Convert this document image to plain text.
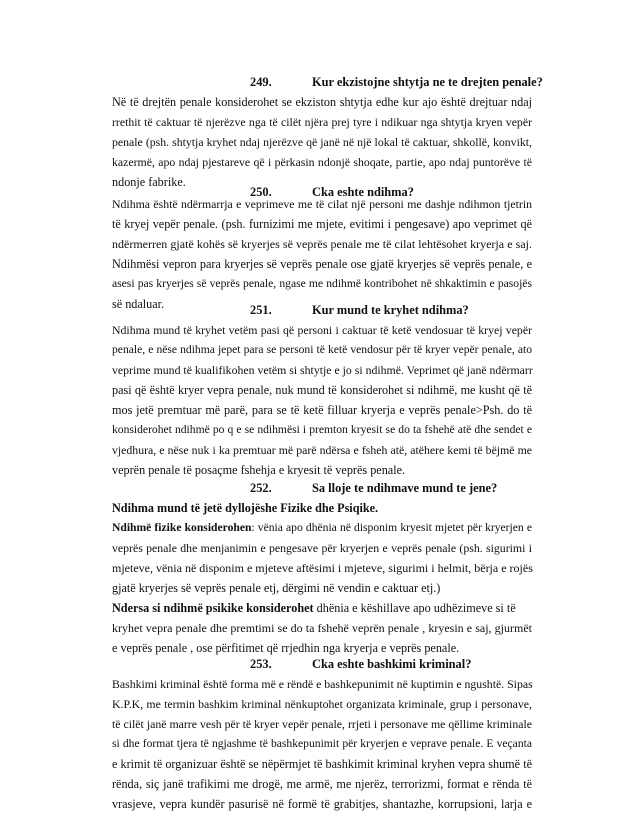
249.	Kur ekzistojne shtytja ne te drejten penale?
Në të drejtën penale konsiderohet se ekziston shtytja edhe kur ajo është drejtuar ndaj
rrethit të caktuar të njerëzve nga të cilët njëra prej tyre i ndikuar nga shtytja kryen vepër
penale (psh. shtytja kryhet ndaj njerëzve që janë në një lokal të caktuar, shkollë, konvikt,
kazermë, apo ndaj pjestareve që i përkasin ndonjë shoqate, partie, apo ndaj puntorëve të
ndonje fabrike.
250.	Cka eshte ndihma?
Ndihma është ndërmarrja e veprimeve me të cilat një personi me dashje ndihmon tjetrin
të kryej vepër penale. (psh. furnizimi me mjete, evitimi i pengesave) apo veprimet që
ndërmerren gjatë kohës së kryerjes së veprës penale me të cilat lehtësohet kryerja e saj.
Ndihmësi vepron para kryerjes së veprës penale ose gjatë kryerjes së veprës penale, e
asesi pas kryerjes së veprës penale, ngase me ndihmë kontribohet në shkaktimin e pasojës
së ndaluar.	251.	Kur mund te kryhet ndihma?
Ndihma mund të kryhet vetëm pasi që personi i caktuar të ketë vendosuar të kryej vepër
penale, e nëse ndihma jepet para se personi të ketë vendosur për të kryer vepër penale, ato
veprime mund të kualifikohen vetëm si shtytje e jo si ndihmë. Veprimet që janë ndërmarr
pasi që është kryer vepra penale, nuk mund të konsiderohet si ndihmë, me kusht që të
mos jetë premtuar më parë, para se të ketë filluar kryerja e veprës penale>Psh. do të
konsiderohet ndihmë po q e se ndihmësi i premton kryesit se do ta fshehë atë dhe sendet e
vjedhura, e nëse nuk i ka premtuar më parë ndërsa e fsheh atë, atëhere kemi të bëjmë me
veprën penale të posaçme fshehja e kryesit të veprës penale.
252.	Sa lloje te ndihmave mund te jene?
Ndihma mund të jetë dyllojëshe Fizike dhe Psiqike.
Ndihmë fizike konsiderohen: vënia apo dhënia në disponim kryesit mjetet për kryerjen e
veprës penale dhe menjanimin e pengesave për kryerjen e veprës penale (psh. sigurimi i
mjeteve, vënia në disponim e mjeteve aftësimi i mjeteve, sigurimi i helmit, bërja e rojës
gjatë kryerjes së veprës penale etj, dërgimi në vendin e caktuar etj.)
Ndersa si ndihmë psikike konsiderohet dhënia e këshillave apo udhëzimeve si të
kryhet vepra penale dhe premtimi se do ta fshehë veprën penale , kryesin e saj, gjurmët
e veprës penale , ose përfitimet që rrjedhin nga kryerja e veprës penale.
253.	Cka eshte bashkimi kriminal?
Bashkimi kriminal është forma më e rëndë e bashkepunimit në kuptimin e ngushtë. Sipas
K.P.K, me termin bashkim kriminal nënkuptohet organizata kriminale, grup i personave,
të cilët janë marre vesh për të kryer vepër penale, rrjeti i personave me qëllime kriminale
si dhe format tjera të ngjashme të bashkepunimit për kryerjen e veprave penale. E veçanta
e krimit të organizuar është se nëpërmjet të bashkimit kriminal kryhen vepra shumë të
rënda, siç janë trafikimi me drogë, me armë, me njerëz, terrorizmi, format e rënda të
vrasjeve, vepra kundër pasurisë në formë të grabitjes, shantazhe, korrupsioni, larja e
